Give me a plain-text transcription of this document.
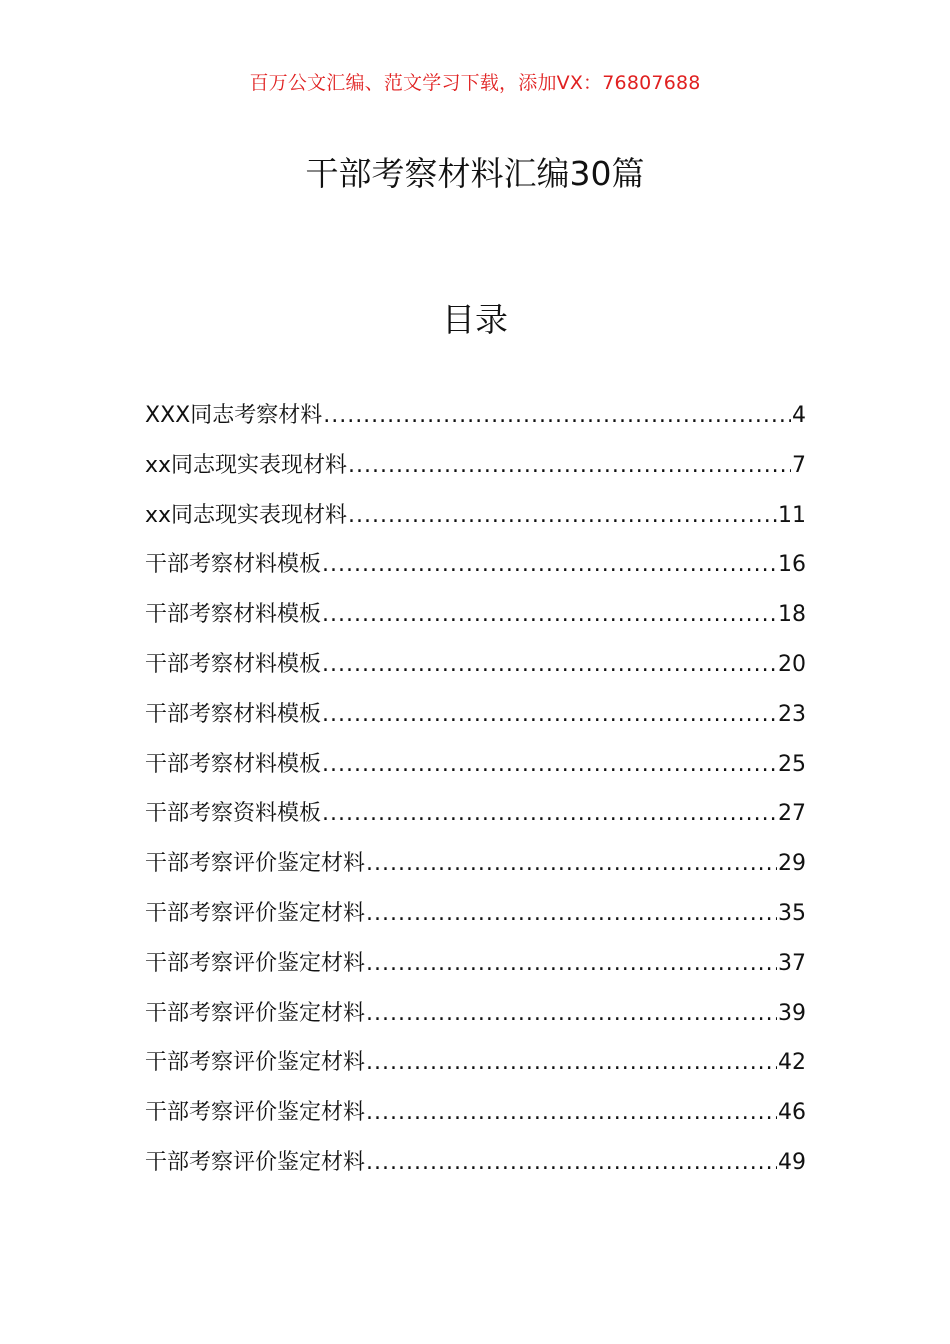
百万公文汇编、范文学习下载，添加VX：76807688
干部考察材料汇编30篇
目录
XXX同志考察材料 .....	4
xx同志现实表现材料 .....	7
xx同志现实表现材料 .....	11
干部考察材料模板 .....	16
干部考察材料模板 .....	18
干部考察材料模板 .....	20
干部考察材料模板 .....	23
干部考察材料模板 .....	25
干部考察资料模板 .....	27
干部考察评价鉴定材料 .....	29
干部考察评价鉴定材料 .....	35
干部考察评价鉴定材料 .....	37
干部考察评价鉴定材料 .....	39
干部考察评价鉴定材料 .....	42
干部考察评价鉴定材料 .....	46
干部考察评价鉴定材料 .....	49
